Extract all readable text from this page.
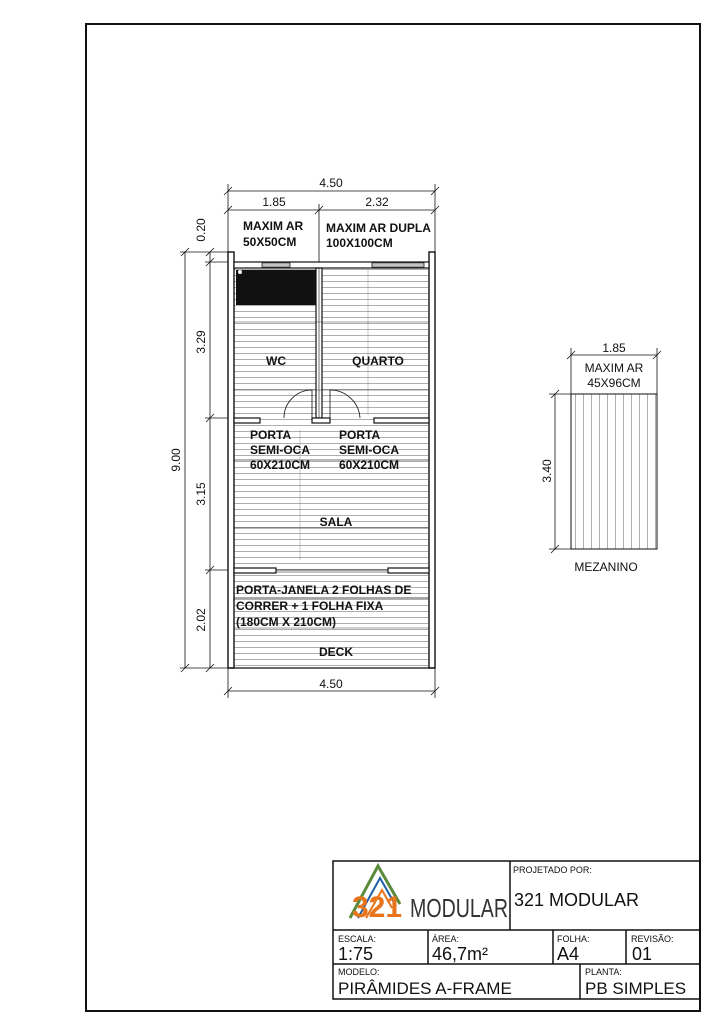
WC	QUARTO
SALA
DECK
MAXIM AR
50X50CM
MAXIM AR DUPLA
100X100CM
PORTA
SEMI-OCA
60X210CM
PORTA
SEMI-OCA
60X210CM
PORTA-JANELA 2 FOLHAS DE
CORRER + 1 FOLHA FIXA
(180CM X 210CM)
4.50
1.85	2.32
4.50
9.00
0.20
3.29
3.15
2.02
1.85
MAXIM AR
45X96CM
3.40
MEZANINO
321 MODULAR
PROJETADO POR:
321 MODULAR
ESCALA:
1:75
ÁREA:
46,7m²
FOLHA:
A4
REVISÃO:
01
MODELO:
PIRÂMIDES A-FRAME
PLANTA:
PB SIMPLES
